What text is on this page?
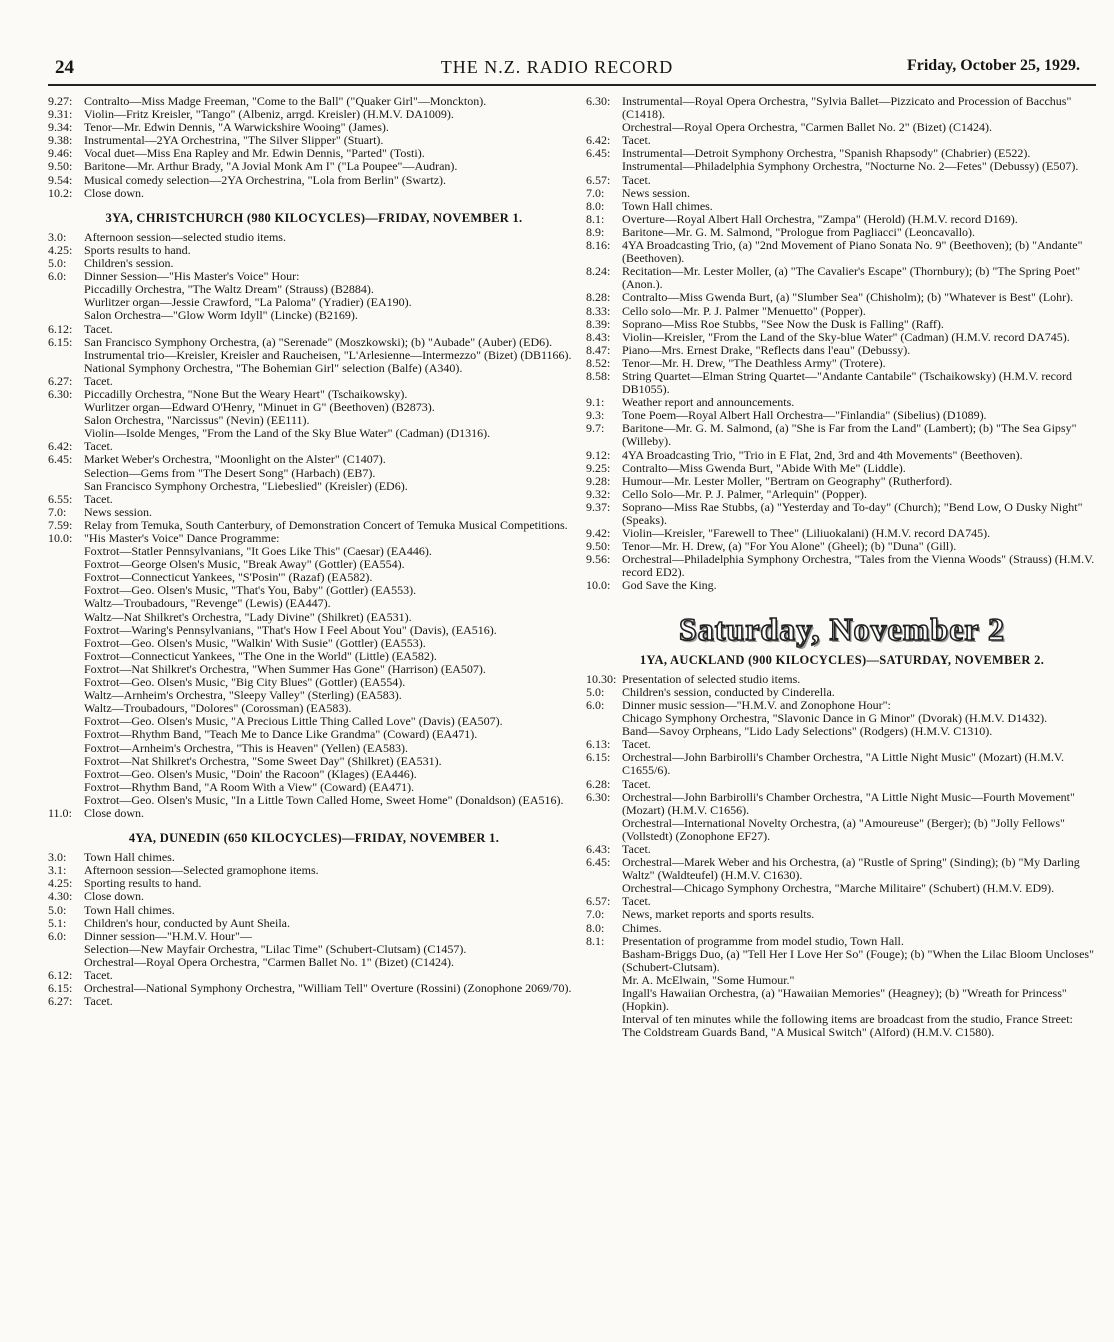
24	THE N.Z. RADIO RECORD	Friday, October 25, 1929.
9.27 :	Contralto—Miss Madge Freeman, "Come to the Ball" ("Quaker Girl"—Monckton).
9.31 :	Violin—Fritz Kreisler, "Tango" (Albeniz, arrgd. Kreisler) (H.M.V. DA1009).
9.34 :	Tenor—Mr. Edwin Dennis, "A Warwickshire Wooing" (James).
9.38 :	Instrumental—2YA Orchestrina, "The Silver Slipper" (Stuart).
9.46 :	Vocal duet—Miss Ena Rapley and Mr. Edwin Dennis, "Parted" (Tosti).
9.50 :	Baritone—Mr. Arthur Brady, "A Jovial Monk Am I" ("La Poupee"—Audran).
9.54 :	Musical comedy selection—2YA Orchestrina, "Lola from Berlin" (Swartz).
10.2 :	Close down.
3YA, CHRISTCHURCH (980 KILOCYCLES)—FRIDAY, NOVEMBER 1.
3.0 :	Afternoon session—selected studio items.
4.25 :	Sports results to hand.
5.0 :	Children's session.
6.0 :	Dinner Session—"His Master's Voice" Hour:
Piccadilly Orchestra, "The Waltz Dream" (Strauss) (B2884).
Wurlitzer organ—Jessie Crawford, "La Paloma" (Yradier) (EA190).
Salon Orchestra—"Glow Worm Idyll" (Lincke) (B2169).
6.12 :	Tacet.
6.15 :	San Francisco Symphony Orchestra, (a) "Serenade" (Moszkowski); (b) "Aubade" (Auber) (ED6).
Instrumental trio—Kreisler, Kreisler and Raucheisen, "L'Arlesienne—Intermezzo" (Bizet) (DB1166).
National Symphony Orchestra, "The Bohemian Girl" selection (Balfe) (A340).
6.27 :	Tacet.
6.30 :	Piccadilly Orchestra, "None But the Weary Heart" (Tschaikowsky).
Wurlitzer organ—Edward O'Henry, "Minuet in G" (Beethoven) (B2873).
Salon Orchestra, "Narcissus" (Nevin) (EE111).
Violin—Isolde Menges, "From the Land of the Sky Blue Water" (Cadman) (D1316).
6.42 :	Tacet.
6.45 :	Market Weber's Orchestra, "Moonlight on the Alster" (C1407).
Selection—Gems from "The Desert Song" (Harbach) (EB7).
San Francisco Symphony Orchestra, "Liebeslied" (Kreisler) (ED6).
6.55 :	Tacet.
7.0 :	News session.
7.59 :	Relay from Temuka, South Canterbury, of Demonstration Concert of Temuka Musical Competitions.
10.0 :	"His Master's Voice" Dance Programme:
Foxtrot—Statler Pennsylvanians, "It Goes Like This" (Caesar) (EA446).
Foxtrot—George Olsen's Music, "Break Away" (Gottler) (EA554).
Foxtrot—Connecticut Yankees, "S'Posin'" (Razaf) (EA582).
Foxtrot—Geo. Olsen's Music, "That's You, Baby" (Gottler) (EA553).
Waltz—Troubadours, "Revenge" (Lewis) (EA447).
Waltz—Nat Shilkret's Orchestra, "Lady Divine" (Shilkret) (EA531).
Foxtrot—Waring's Pennsylvanians, "That's How I Feel About You" (Davis), (EA516).
Foxtrot—Geo. Olsen's Music, "Walkin' With Susie" (Gottler) (EA553).
Foxtrot—Connecticut Yankees, "The One in the World" (Little) (EA582).
Foxtrot—Nat Shilkret's Orchestra, "When Summer Has Gone" (Harrison) (EA507).
Foxtrot—Geo. Olsen's Music, "Big City Blues" (Gottler) (EA554).
Waltz—Arnheim's Orchestra, "Sleepy Valley" (Sterling) (EA583).
Waltz—Troubadours, "Dolores" (Corossman) (EA583).
Foxtrot—Geo. Olsen's Music, "A Precious Little Thing Called Love" (Davis) (EA507).
Foxtrot—Rhythm Band, "Teach Me to Dance Like Grandma" (Coward) (EA471).
Foxtrot—Arnheim's Orchestra, "This is Heaven" (Yellen) (EA583).
Foxtrot—Nat Shilkret's Orchestra, "Some Sweet Day" (Shilkret) (EA531).
Foxtrot—Geo. Olsen's Music, "Doin' the Racoon" (Klages) (EA446).
Foxtrot—Rhythm Band, "A Room With a View" (Coward) (EA471).
Foxtrot—Geo. Olsen's Music, "In a Little Town Called Home, Sweet Home" (Donaldson) (EA516).
11.0 :	Close down.
4YA, DUNEDIN (650 KILOCYCLES)—FRIDAY, NOVEMBER 1.
3.0 :	Town Hall chimes.
3.1 :	Afternoon session—Selected gramophone items.
4.25 :	Sporting results to hand.
4.30 :	Close down.
5.0 :	Town Hall chimes.
5.1 :	Children's hour, conducted by Aunt Sheila.
6.0 :	Dinner session—"H.M.V. Hour"—
Selection—New Mayfair Orchestra, "Lilac Time" (Schubert-Clutsam) (C1457).
Orchestral—Royal Opera Orchestra, "Carmen Ballet No. 1" (Bizet) (C1424).
6.12 :	Tacet.
6.15 :	Orchestral—National Symphony Orchestra, "William Tell" Overture (Rossini) (Zonophone 2069/70).
6.27 :	Tacet.
6.30 :	Instrumental—Royal Opera Orchestra, "Sylvia Ballet—Pizzicato and Procession of Bacchus" (C1418).
Orchestral—Royal Opera Orchestra, "Carmen Ballet No. 2" (Bizet) (C1424).
6.42 :	Tacet.
6.45 :	Instrumental—Detroit Symphony Orchestra, "Spanish Rhapsody" (Chabrier) (E522).
Instrumental—Philadelphia Symphony Orchestra, "Nocturne No. 2—Fetes" (Debussy) (E507).
6.57 :	Tacet.
7.0 :	News session.
8.0 :	Town Hall chimes.
8.1 :	Overture—Royal Albert Hall Orchestra, "Zampa" (Herold) (H.M.V. record D169).
8.9 :	Baritone—Mr. G. M. Salmond, "Prologue from Pagliacci" (Leoncavallo).
8.16 :	4YA Broadcasting Trio, (a) "2nd Movement of Piano Sonata No. 9" (Beethoven); (b) "Andante" (Beethoven).
8.24 :	Recitation—Mr. Lester Moller, (a) "The Cavalier's Escape" (Thornbury); (b) "The Spring Poet" (Anon.).
8.28 :	Contralto—Miss Gwenda Burt, (a) "Slumber Sea" (Chisholm); (b) "Whatever is Best" (Lohr).
8.33 :	Cello solo—Mr. P. J. Palmer "Menuetto" (Popper).
8.39 :	Soprano—Miss Roe Stubbs, "See Now the Dusk is Falling" (Raff).
8.43 :	Violin—Kreisler, "From the Land of the Sky-blue Water" (Cadman) (H.M.V. record DA745).
8.47 :	Piano—Mrs. Ernest Drake, "Reflects dans l'eau" (Debussy).
8.52 :	Tenor—Mr. H. Drew, "The Deathless Army" (Trotere).
8.58 :	String Quartet—Elman String Quartet—"Andante Cantabile" (Tschaikowsky) (H.M.V. record DB1055).
9.1 :	Weather report and announcements.
9.3 :	Tone Poem—Royal Albert Hall Orchestra—"Finlandia" (Sibelius) (D1089).
9.7 :	Baritone—Mr. G. M. Salmond, (a) "She is Far from the Land" (Lambert); (b) "The Sea Gipsy" (Willeby).
9.12 :	4YA Broadcasting Trio, "Trio in E Flat, 2nd, 3rd and 4th Movements" (Beethoven).
9.25 :	Contralto—Miss Gwenda Burt, "Abide With Me" (Liddle).
9.28 :	Humour—Mr. Lester Moller, "Bertram on Geography" (Rutherford).
9.32 :	Cello Solo—Mr. P. J. Palmer, "Arlequin" (Popper).
9.37 :	Soprano—Miss Rae Stubbs, (a) "Yesterday and To-day" (Church); "Bend Low, O Dusky Night" (Speaks).
9.42 :	Violin—Kreisler, "Farewell to Thee" (Liliuokalani) (H.M.V. record DA745).
9.50 :	Tenor—Mr. H. Drew, (a) "For You Alone" (Gheel); (b) "Duna" (Gill).
9.56 :	Orchestral—Philadelphia Symphony Orchestra, "Tales from the Vienna Woods" (Strauss) (H.M.V. record ED2).
10.0 :	God Save the King.
Saturday, November 2
1YA, AUCKLAND (900 KILOCYCLES)—SATURDAY, NOVEMBER 2.
10.30 : Presentation of selected studio items.
5.0 :	Children's session, conducted by Cinderella.
6.0 :	Dinner music session—"H.M.V. and Zonophone Hour":
Chicago Symphony Orchestra, "Slavonic Dance in G Minor" (Dvorak) (H.M.V. D1432).
Band—Savoy Orpheans, "Lido Lady Selections" (Rodgers) (H.M.V. C1310).
6.13 :	Tacet.
6.15 :	Orchestral—John Barbirolli's Chamber Orchestra, "A Little Night Music" (Mozart) (H.M.V. C1655/6).
6.28 :	Tacet.
6.30 :	Orchestral—John Barbirolli's Chamber Orchestra, "A Little Night Music—Fourth Movement" (Mozart) (H.M.V. C1656).
Orchestral—International Novelty Orchestra, (a) "Amoureuse" (Berger); (b) "Jolly Fellows" (Vollstedt) (Zonophone EF27).
6.43 :	Tacet.
6.45 :	Orchestral—Marek Weber and his Orchestra, (a) "Rustle of Spring" (Sinding); (b) "My Darling Waltz" (Waldteufel) (H.M.V. C1630).
Orchestral—Chicago Symphony Orchestra, "Marche Militaire" (Schubert) (H.M.V. ED9).
6.57 :	Tacet.
7.0 :	News, market reports and sports results.
8.0 :	Chimes.
8.1 :	Presentation of programme from model studio, Town Hall.
Basham-Briggs Duo, (a) "Tell Her I Love Her So" (Fouge); (b) "When the Lilac Bloom Uncloses" (Schubert-Clutsam).
Mr. A. McElwain, "Some Humour."
Ingall's Hawaiian Orchestra, (a) "Hawaiian Memories" (Heagney); (b) "Wreath for Princess" (Hopkin).
Interval of ten minutes while the following items are broadcast from the studio, France Street:
The Coldstream Guards Band, "A Musical Switch" (Alford) (H.M.V. C1580).
